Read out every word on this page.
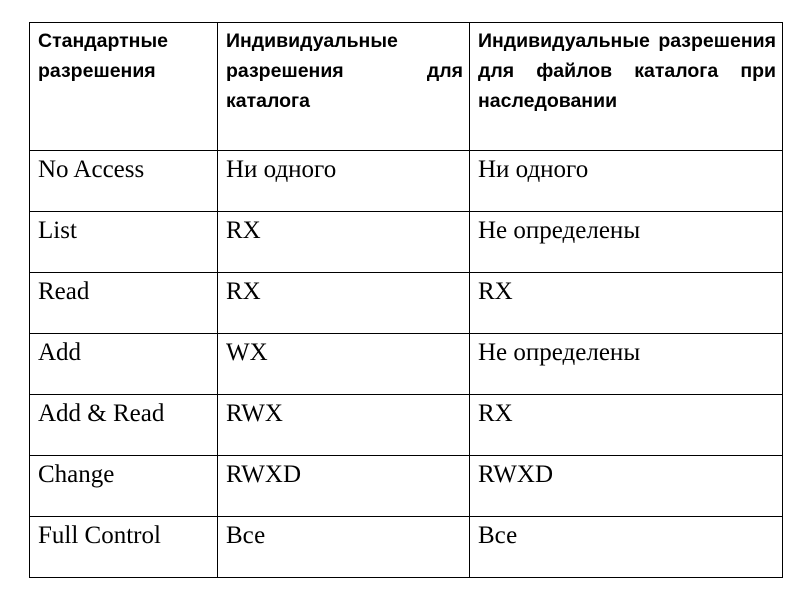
Стандартные разрешения	Индивидуальные разрешения для каталога	Индивидуальные разрешения для файлов каталога при наследовании
No Access	Ни одного	Ни одного
List	RX	Не определены
Read	RX	RX
Add	WX	Не определены
Add & Read	RWX	RX
Change	RWXD	RWXD
Full Control	Все	Все
